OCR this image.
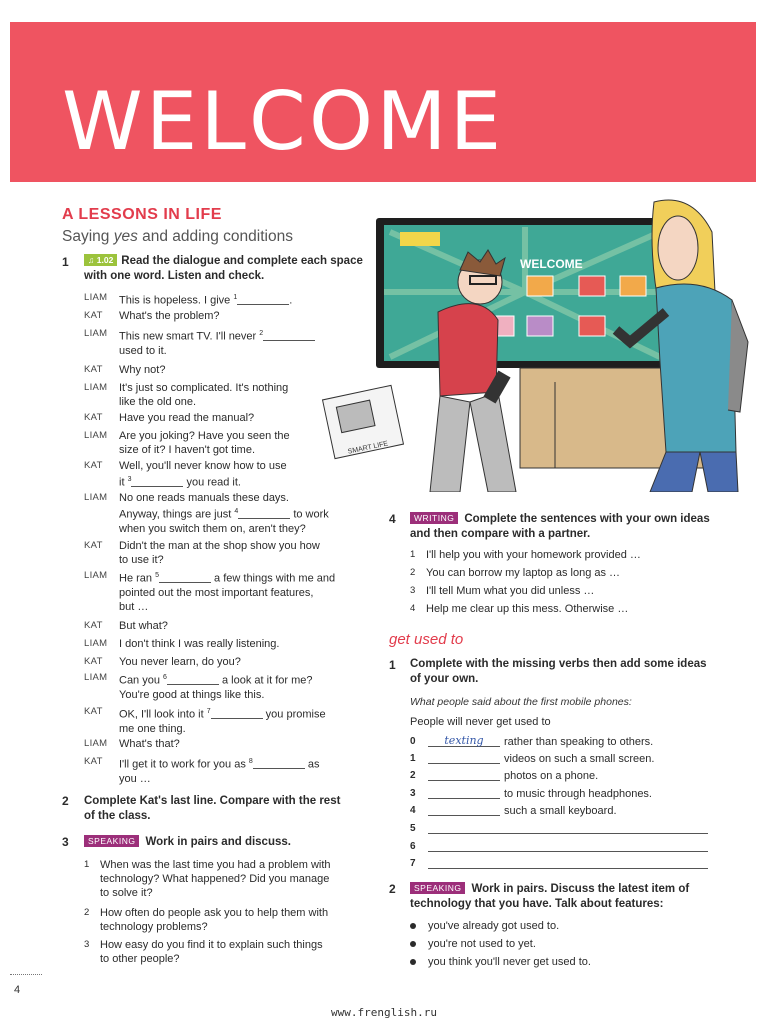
WELCOME
A LESSONS IN LIFE
Saying yes and adding conditions
1	♫ 1.02 Read the dialogue and complete each space with one word. Listen and check.
LIAM This is hopeless. I give $^1$	.
KAT What's the problem?
LIAM This new smart TV. I'll never $^2$
used to it.
KAT Why not?
LIAM It's just so complicated. It's nothing
like the old one.
KAT Have you read the manual?
LIAM Are you joking? Have you seen the
size of it? I haven't got time.
KAT Well, you'll never know how to use
it $^3$	you read it.
LIAM No one reads manuals these days.
Anyway, things are just $^4$	to work
when you switch them on, aren't they?
KAT Didn't the man at the shop show you how
to use it?
LIAM He ran $^5$	a few things with me and
pointed out the most important features,
but …
KAT But what?
LIAM I don't think I was really listening.
KAT You never learn, do you?
LIAM Can you $^6$	a look at it for me?
You're good at things like this.
KAT OK, I'll look into it $^7$	you promise
me one thing.
LIAM What's that?
KAT I'll get it to work for you as $^8$	as
you …
2 Complete Kat's last line. Compare with the rest of the class.
3	SPEAKING Work in pairs and discuss.
1 When was the last time you had a problem with
technology? What happened? Did you manage
to solve it?
2 How often do people ask you to help them with
technology problems?
3 How easy do you find it to explain such things
to other people?
WELCOME
SMART LIFE
4	WRITING Complete the sentences with your own ideas and then compare with a partner.
1 I'll help you with your homework provided …
2 You can borrow my laptop as long as …
3 I'll tell Mum what you did unless …
4 Help me clear up this mess. Otherwise …
get used to
1 Complete with the missing verbs then add some ideas of your own.
What people said about the first mobile phones:
People will never get used to
0	texting	rather than speaking to others.
1	videos on such a small screen.
2	photos on a phone.
3	to music through headphones.
4	such a small keyboard.
5
6
7
2	SPEAKING Work in pairs. Discuss the latest item of technology that you have. Talk about features:
you've already got used to.
you're not used to yet.
you think you'll never get used to.
4
www.frenglish.ru
